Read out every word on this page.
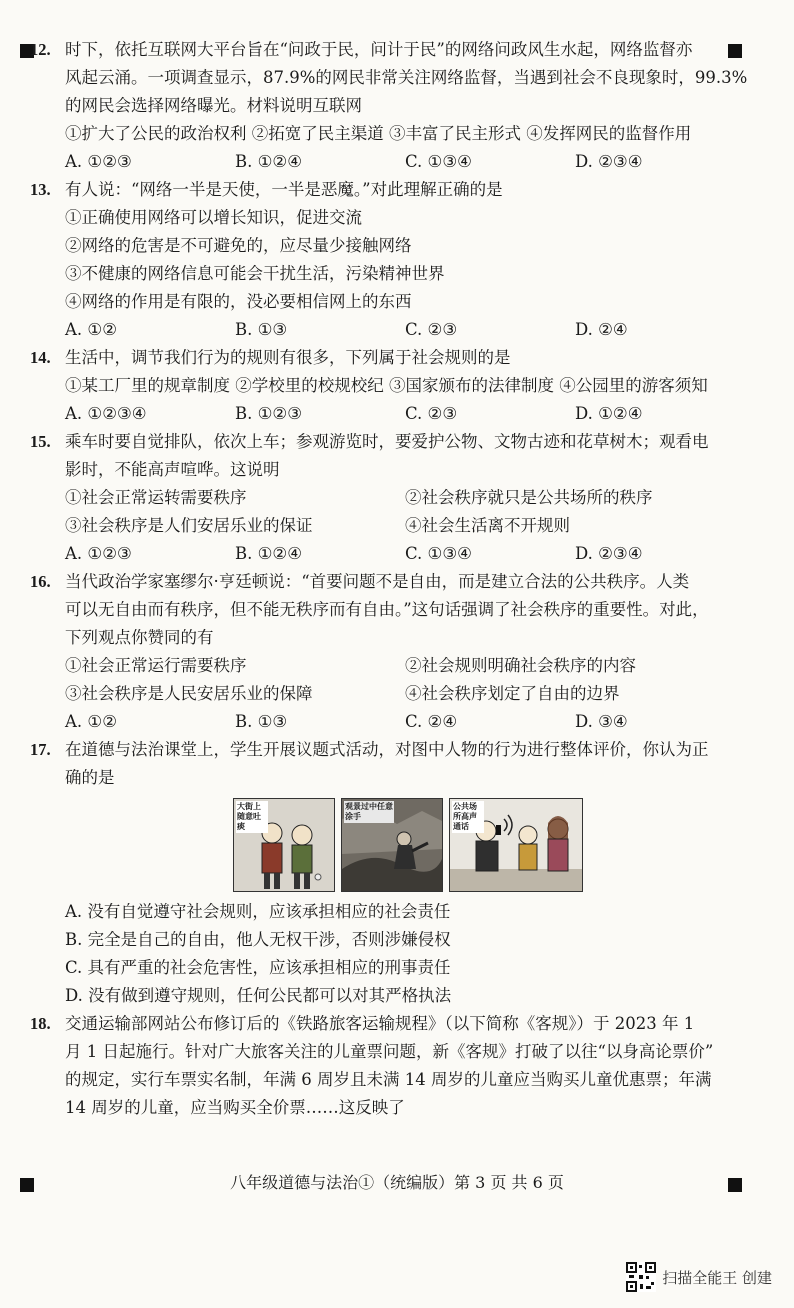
12. 时下，依托互联网大平台旨在“问政于民，问计于民”的网络问政风生水起，网络监督亦
风起云涌。一项调查显示，87.9%的网民非常关注网络监督，当遇到社会不良现象时，99.3%
的网民会选择网络曝光。材料说明互联网
①扩大了公民的政治权利 ②拓宽了民主渠道 ③丰富了民主形式 ④发挥网民的监督作用
A. ①②③	B. ①②④	C. ①③④	D. ②③④
13. 有人说：“网络一半是天使，一半是恶魔。”对此理解正确的是
①正确使用网络可以增长知识，促进交流
②网络的危害是不可避免的，应尽量少接触网络
③不健康的网络信息可能会干扰生活，污染精神世界
④网络的作用是有限的，没必要相信网上的东西
A. ①②	B. ①③	C. ②③	D. ②④
14. 生活中，调节我们行为的规则有很多，下列属于社会规则的是
①某工厂里的规章制度 ②学校里的校规校纪 ③国家颁布的法律制度 ④公园里的游客须知
A. ①②③④	B. ①②③	C. ②③	D. ①②④
15. 乘车时要自觉排队，依次上车；参观游览时，要爱护公物、文物古迹和花草树木；观看电
影时，不能高声喧哗。这说明
①社会正常运转需要秩序	②社会秩序就只是公共场所的秩序
③社会秩序是人们安居乐业的保证	④社会生活离不开规则
A. ①②③	B. ①②④	C. ①③④	D. ②③④
16. 当代政治学家塞缪尔·亨廷顿说：“首要问题不是自由，而是建立合法的公共秩序。人类
可以无自由而有秩序，但不能无秩序而有自由。”这句话强调了社会秩序的重要性。对此，
下列观点你赞同的有
①社会正常运行需要秩序	②社会规则明确社会秩序的内容
③社会秩序是人民安居乐业的保障	④社会秩序划定了自由的边界
A. ①②	B. ①③	C. ②④	D. ③④
17. 在道德与法治课堂上，学生开展议题式活动，对图中人物的行为进行整体评价，你认为正
确的是
大街上随意吐痰
观景过中任意涂手
公共场所高声通话
A. 没有自觉遵守社会规则，应该承担相应的社会责任
B. 完全是自己的自由，他人无权干涉，否则涉嫌侵权
C. 具有严重的社会危害性，应该承担相应的刑事责任
D. 没有做到遵守规则，任何公民都可以对其严格执法
18. 交通运输部网站公布修订后的《铁路旅客运输规程》（以下简称《客规》）于 2023 年 1
月 1 日起施行。针对广大旅客关注的儿童票问题，新《客规》打破了以往“以身高论票价”
的规定，实行车票实名制，年满 6 周岁且未满 14 周岁的儿童应当购买儿童优惠票；年满
14 周岁的儿童，应当购买全价票……这反映了
八年级道德与法治①（统编版）第 3 页 共 6 页
扫描全能王 创建
